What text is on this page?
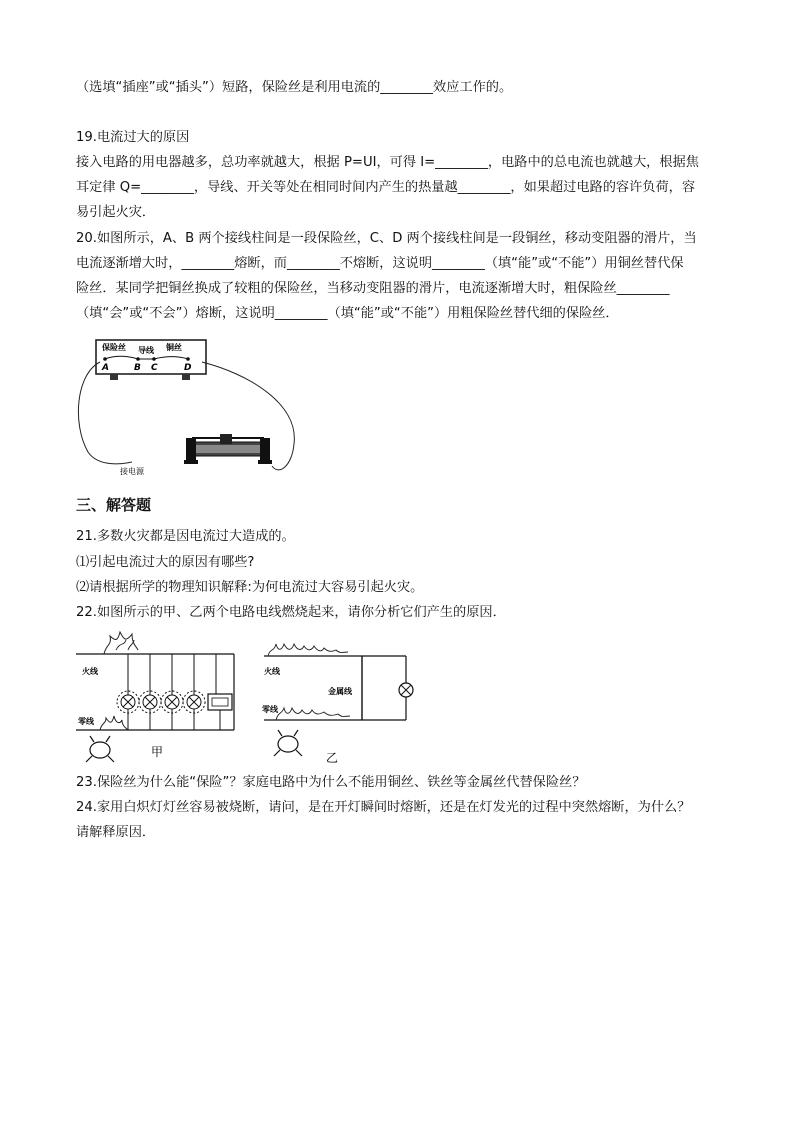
（选填“插座”或“插头”）短路，保险丝是利用电流的________效应工作的。
19.电流过大的原因
接入电路的用电器越多，总功率就越大，根据 P=UI，可得 I=________，电路中的总电流也就越大，根据焦
耳定律 Q=________，导线、开关等处在相同时间内产生的热量越________，如果超过电路的容许负荷，容
易引起火灾．
20.如图所示，A、B 两个接线柱间是一段保险丝，C、D 两个接线柱间是一段铜丝，移动变阻器的滑片，当
电流逐渐增大时，________熔断，而________不熔断，这说明________（填“能”或“不能”）用铜丝替代保
险丝．某同学把铜丝换成了较粗的保险丝，当移动变阻器的滑片，电流逐渐增大时，粗保险丝________
（填“会”或“不会”）熔断，这说明________（填“能”或“不能”）用粗保险丝替代细的保险丝．
保险丝 导线 铜丝
A	B C	D
接电源
三、解答题
21.多数火灾都是因电流过大造成的。
⑴引起电流过大的原因有哪些?
⑵请根据所学的物理知识解释:为何电流过大容易引起火灾。
22.如图所示的甲、乙两个电路电线燃烧起来，请你分析它们产生的原因．
火线
零线
甲
火线
金属线
零线
乙
23.保险丝为什么能“保险”？家庭电路中为什么不能用铜丝、铁丝等金属丝代替保险丝？
24.家用白炽灯灯丝容易被烧断，请问，是在开灯瞬间时熔断，还是在灯发光的过程中突然熔断，为什么？
请解释原因．
